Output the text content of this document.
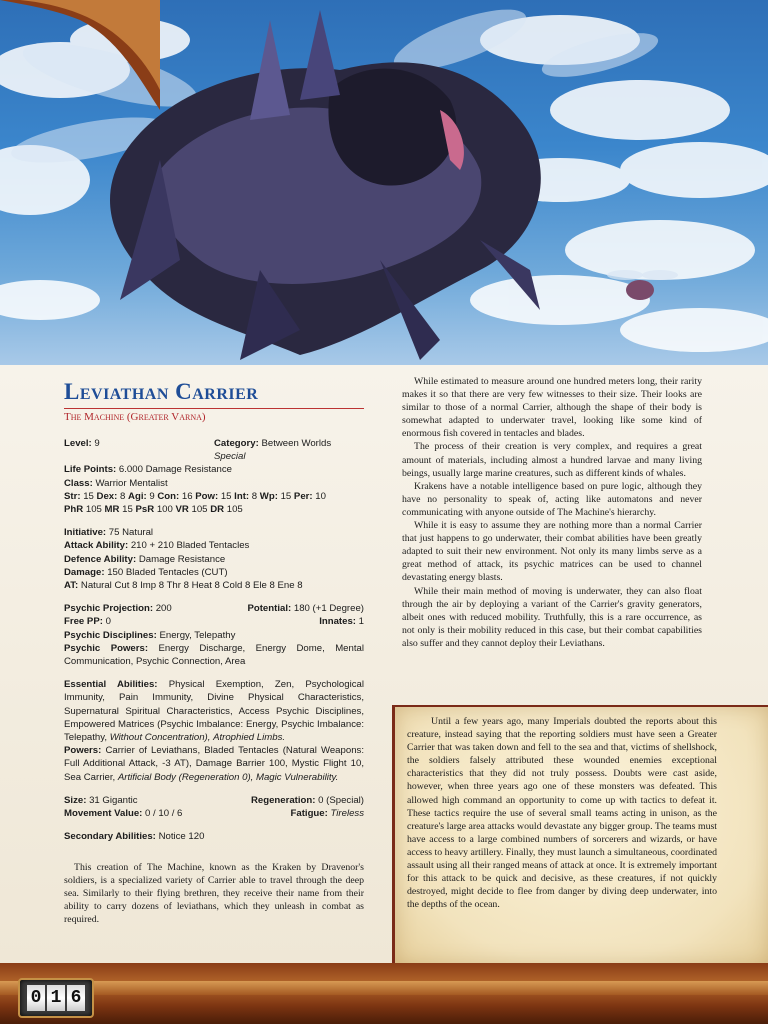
Leviathan Carrier
The Machine (Greater Varna)
Level: 9	Category: Between Worlds Special
Life Points: 6.000 Damage Resistance
Class: Warrior Mentalist
Str: 15 Dex: 8 Agi: 9 Con: 16 Pow: 15 Int: 8 Wp: 15 Per: 10
PhR 105 MR 15 PsR 100 VR 105 DR 105
Initiative: 75 Natural
Attack Ability: 210 + 210 Bladed Tentacles
Defence Ability: Damage Resistance
Damage: 150 Bladed Tentacles (CUT)
AT: Natural Cut 8 Imp 8 Thr 8 Heat 8 Cold 8 Ele 8 Ene 8
Psychic Projection: 200	Potential: 180 (+1 Degree)
Free PP: 0	Innates: 1
Psychic Disciplines: Energy, Telepathy
Psychic Powers: Energy Discharge, Energy Dome, Mental Communication, Psychic Connection, Area
Essential Abilities: Physical Exemption, Zen, Psychological Immunity, Pain Immunity, Divine Physical Characteristics, Supernatural Spiritual Characteristics, Access Psychic Disciplines, Empowered Matrices (Psychic Imbalance: Energy, Psychic Imbalance: Telepathy, Without Concentration), Atrophied Limbs.
Powers: Carrier of Leviathans, Bladed Tentacles (Natural Weapons: Full Additional Attack, -3 AT), Damage Barrier 100, Mystic Flight 10, Sea Carrier, Artificial Body (Regeneration 0), Magic Vulnerability.
Size: 31 Gigantic	Regeneration: 0 (Special)
Movement Value: 0 / 10 / 6	Fatigue: Tireless
Secondary Abilities: Notice 120
This creation of The Machine, known as the Kraken by Dravenor's soldiers, is a specialized variety of Carrier able to travel through the deep sea. Similarly to their flying brethren, they receive their name from their ability to carry dozens of leviathans, which they unleash in combat as required.

While estimated to measure around one hundred meters long, their rarity makes it so that there are very few witnesses to their size. Their looks are similar to those of a normal Carrier, although the shape of their body is somewhat adapted to underwater travel, looking like some kind of enormous fish covered in tentacles and blades.

The process of their creation is very complex, and requires a great amount of materials, including almost a hundred larvae and many living beings, usually large marine creatures, such as different kinds of whales.

Krakens have a notable intelligence based on pure logic, although they have no personality to speak of, acting like automatons and never communicating with anyone outside of The Machine's hierarchy.

While it is easy to assume they are nothing more than a normal Carrier that just happens to go underwater, their combat abilities have been greatly adapted to suit their new environment. Not only its many limbs serve as a great method of attack, its psychic matrices can be used to channel devastating energy blasts.

While their main method of moving is underwater, they can also float through the air by deploying a variant of the Carrier's gravity generators, albeit ones with reduced mobility. Truthfully, this is a rare occurrence, as not only is their mobility reduced in this case, but their combat capabilities also suffer and they cannot deploy their Leviathans.

Until a few years ago, many Imperials doubted the reports about this creature, instead saying that the reporting soldiers must have seen a Greater Carrier that was taken down and fell to the sea and that, victims of shellshock, the soldiers falsely attributed these wounded enemies exceptional characteristics that they did not truly possess. Doubts were cast aside, however, when three years ago one of these monsters was defeated. This allowed high command an opportunity to come up with tactics to defeat it. These tactics require the use of several small teams acting in unison, as the creature's large area attacks would devastate any bigger group. The teams must have access to a large combined numbers of sorcerers and wizards, or have access to heavy artillery. Finally, they must launch a simultaneous, coordinated assault using all their ranged means of attack at once. It is extremely important for this attack to be quick and decisive, as these creatures, if not quickly destroyed, might decide to flee from danger by diving deep underwater, into the depths of the ocean.
0 1 6
